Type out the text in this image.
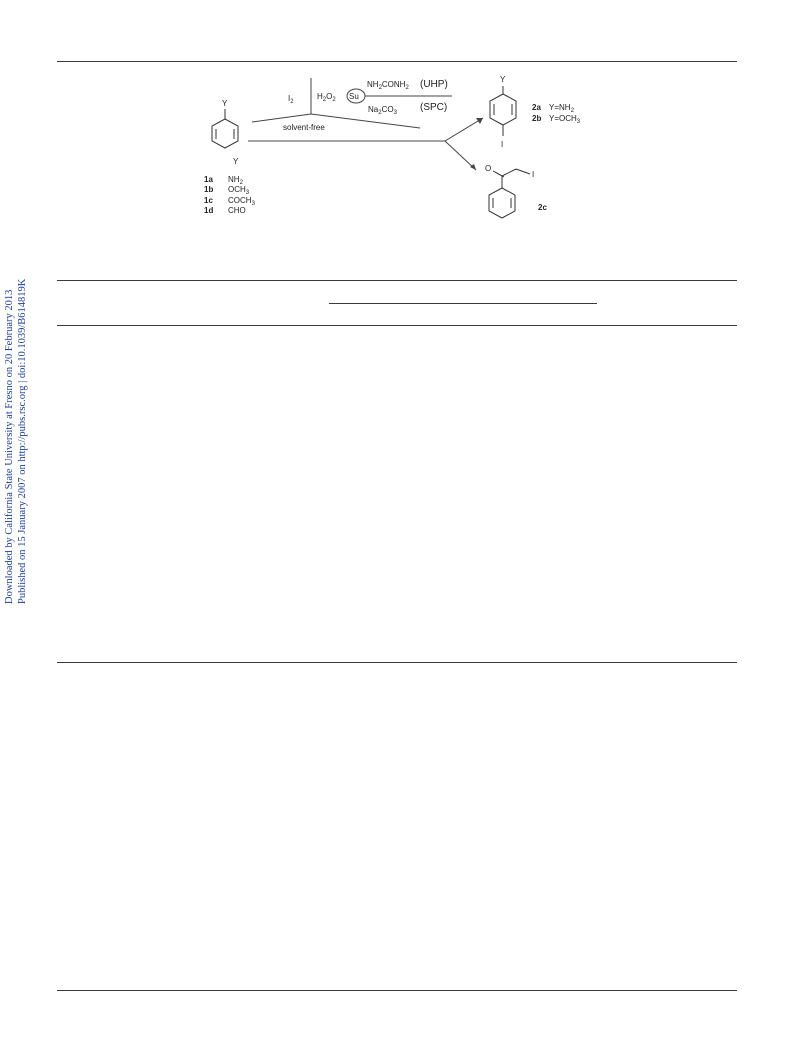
Downloaded by California State University at Fresno on 20 February 2013 Published on 15 January 2007 on http://pubs.rsc.org | doi:10.1039/B614819K
Y
Y
1a $NH_2$
1b $OCH_3$
1c $COCH_3$
1d CHO
$I_2$
$H_2O_2$ Su
$NH_2CONH_2$ (UHP)
$Na_2CO_3$ (SPC)
solvent-free
Y
I
2a $Y=NH_2$
2b $Y=OCH_3$
O
I
2c
